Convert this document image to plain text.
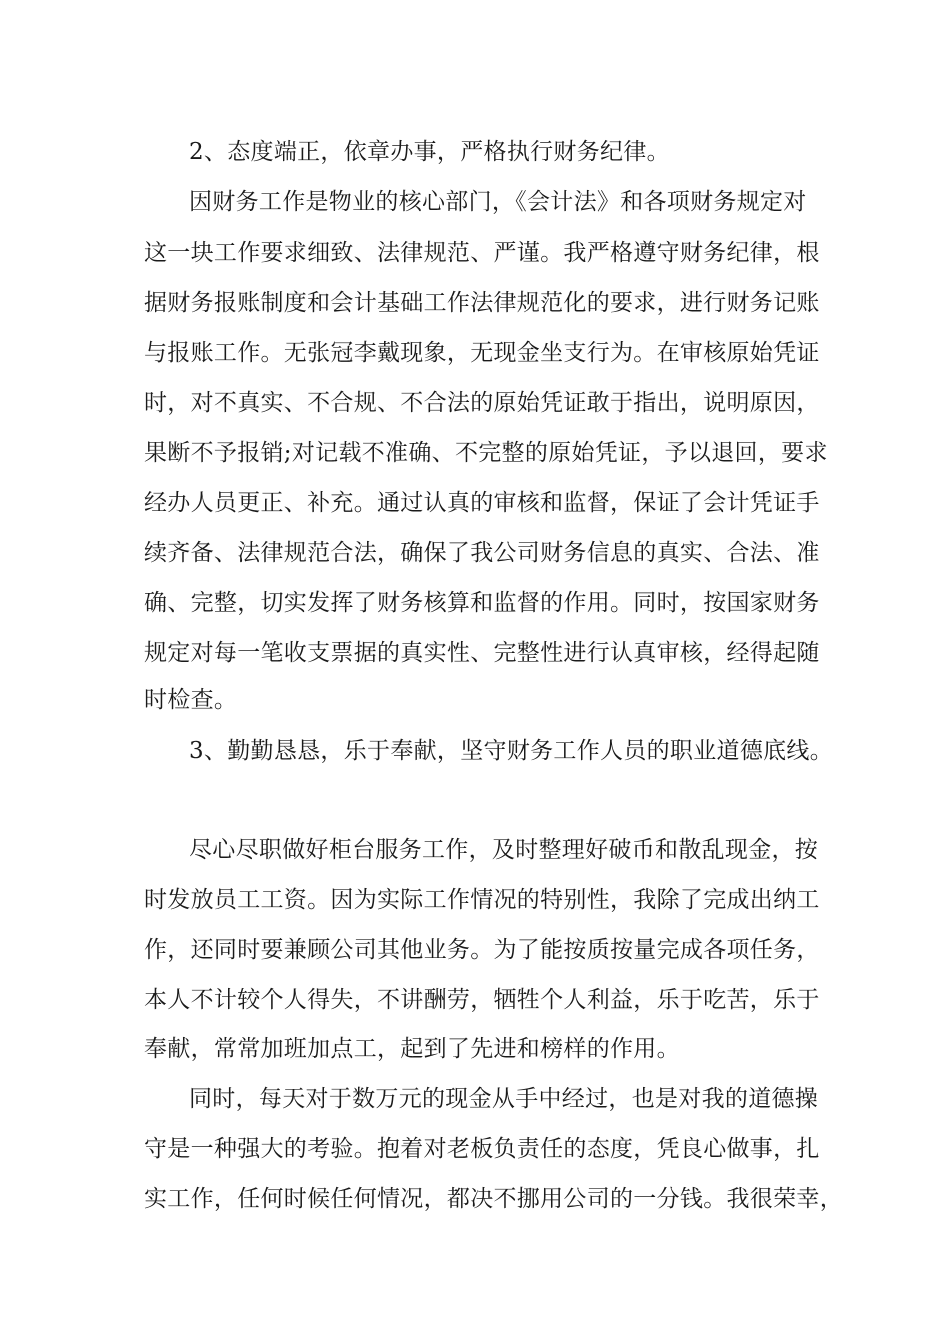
2、态度端正，依章办事，严格执行财务纪律。
因财务工作是物业的核心部门，《会计法》和各项财务规定对
这一块工作要求细致、法律规范、严谨。我严格遵守财务纪律，根
据财务报账制度和会计基础工作法律规范化的要求，进行财务记账
与报账工作。无张冠李戴现象，无现金坐支行为。在审核原始凭证
时，对不真实、不合规、不合法的原始凭证敢于指出，说明原因，
果断不予报销;对记载不准确、不完整的原始凭证，予以退回，要求
经办人员更正、补充。通过认真的审核和监督，保证了会计凭证手
续齐备、法律规范合法，确保了我公司财务信息的真实、合法、准
确、完整，切实发挥了财务核算和监督的作用。同时，按国家财务
规定对每一笔收支票据的真实性、完整性进行认真审核，经得起随
时检查。
3、勤勤恳恳，乐于奉献，坚守财务工作人员的职业道德底线。
尽心尽职做好柜台服务工作，及时整理好破币和散乱现金，按
时发放员工工资。因为实际工作情况的特别性，我除了完成出纳工
作，还同时要兼顾公司其他业务。为了能按质按量完成各项任务，
本人不计较个人得失，不讲酬劳，牺牲个人利益，乐于吃苦，乐于
奉献，常常加班加点工，起到了先进和榜样的作用。
同时，每天对于数万元的现金从手中经过，也是对我的道德操
守是一种强大的考验。抱着对老板负责任的态度，凭良心做事，扎
实工作，任何时候任何情况，都决不挪用公司的一分钱。我很荣幸，
